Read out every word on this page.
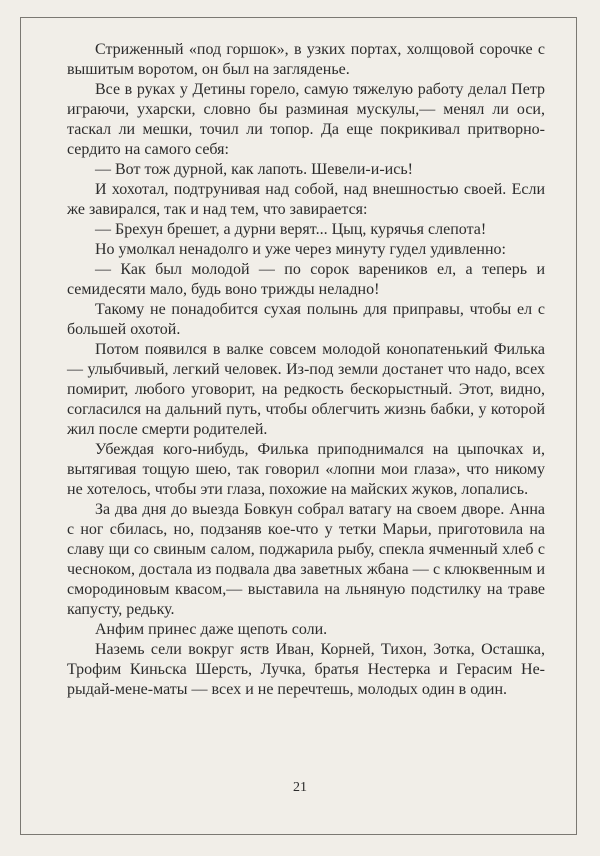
Стриженный «под горшок», в узких портах, холщовой сорочке с вышитым воротом, он был на загляденье.

Все в руках у Детины горело, самую тяжелую работу делал Петр играючи, ухарски, словно бы разминая мускулы,— менял ли оси, таскал ли мешки, точил ли топор. Да еще покрикивал притворно-сердито на самого себя:

— Вот тож дурной, как лапоть. Шевели-и-ись!

И хохотал, подтрунивая над собой, над внешностью своей. Если же завирался, так и над тем, что завирается:

— Брехун брешет, а дурни верят... Цыц, курячья слепота!

Но умолкал ненадолго и уже через минуту гудел удивленно:

— Как был молодой — по сорок вареников ел, а теперь и семидесяти мало, будь воно трижды неладно!

Такому не понадобится сухая полынь для приправы, чтобы ел с большей охотой.

Потом появился в валке совсем молодой конопатенький Филька — улыбчивый, легкий человек. Из-под земли достанет что надо, всех помирит, любого уговорит, на редкость бескорыстный. Этот, видно, согласился на дальний путь, чтобы облегчить жизнь бабки, у которой жил после смерти родителей.

Убеждая кого-нибудь, Филька приподнимался на цыпочках и, вытягивая тощую шею, так говорил «лопни мои глаза», что никому не хотелось, чтобы эти глаза, похожие на майских жуков, лопались.

За два дня до выезда Бовкун собрал ватагу на своем дворе. Анна с ног сбилась, но, подзаняв кое-что у тетки Марьи, приготовила на славу щи со свиным салом, поджарила рыбу, спекла ячменный хлеб с чесноком, достала из подвала два заветных жбана — с клюквенным и смородиновым квасом,— выставила на льняную подстилку на траве капусту, редьку.

Анфим принес даже щепоть соли.

Наземь сели вокруг яств Иван, Корней, Тихон, Зотка, Осташка, Трофим Киньска Шерсть, Лучка, братья Нестерка и Герасим Не-рыдай-мене-маты — всех и не перечтешь, молодых один в один.

21
